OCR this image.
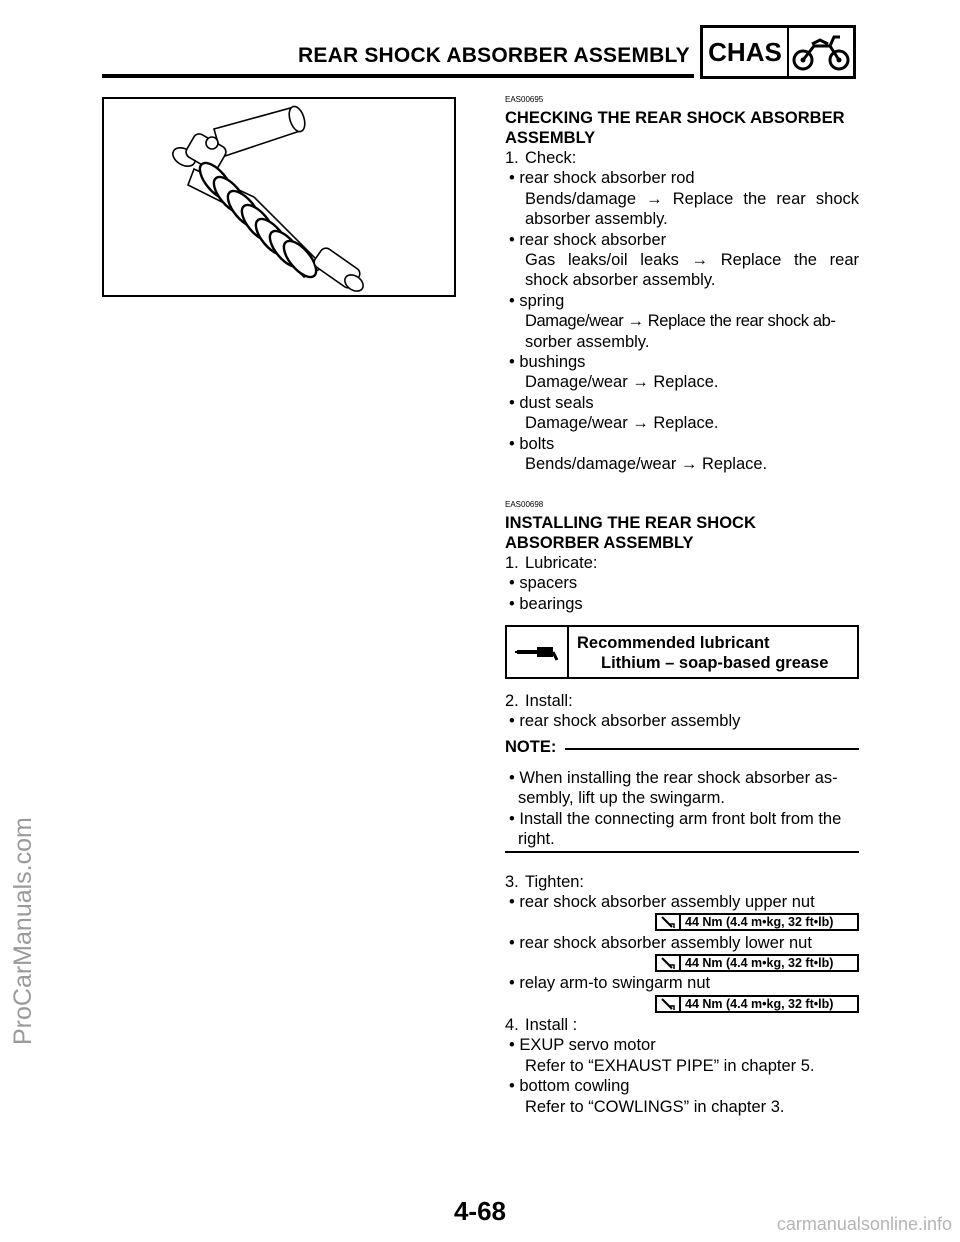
REAR SHOCK ABSORBER ASSEMBLY CHAS
ProCarManuals.com

EAS00695

CHECKING THE REAR SHOCK ABSORBER
ASSEMBLY

1. Check:

• rear shock absorber rod

Bends/damage → Replace the rear shock
absorber assembly.

• rear shock absorber

Gas leaks/oil leaks → Replace the rear
shock absorber assembly.

• spring

Damage/wear → Replace the rear shock ab-
sorber assembly.

• bushings

Damage/wear → Replace.

• dust seals

Damage/wear → Replace.

• bolts

Bends/damage/wear → Replace.

EAS00698

INSTALLING THE REAR SHOCK
ABSORBER ASSEMBLY

1. Lubricate:

• spacers

• bearings

Recommended lubricant
Lithium – soap-based grease

2. Install:

• rear shock absorber assembly

NOTE:

• When installing the rear shock absorber as-
sembly, lift up the swingarm.

• Install the connecting arm front bolt from the
right.

3. Tighten:

• rear shock absorber assembly upper nut

44 Nm (4.4 m•kg, 32 ft•lb)

• rear shock absorber assembly lower nut

44 Nm (4.4 m•kg, 32 ft•lb)

• relay arm-to swingarm nut

44 Nm (4.4 m•kg, 32 ft•lb)

4. Install :

• EXUP servo motor

Refer to “EXHAUST PIPE” in chapter 5.

• bottom cowling

Refer to “COWLINGS” in chapter 3.

4-68	carmanualsonline.info
